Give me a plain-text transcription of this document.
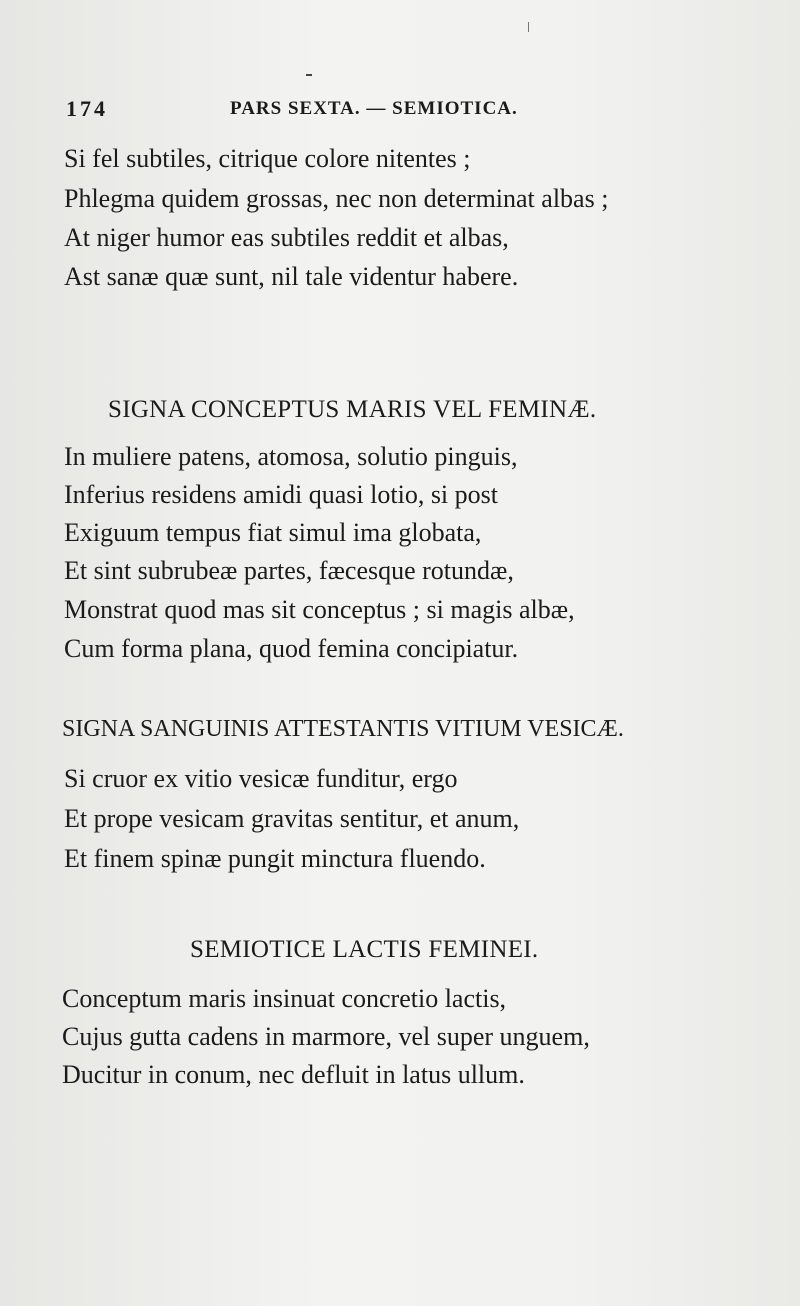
174	PARS SEXTA. — SEMIOTICA.
Si fel subtiles, citrique colore nitentes ;
Phlegma quidem grossas, nec non determinat albas ;
At niger humor eas subtiles reddit et albas,
Ast sanæ quæ sunt, nil tale videntur habere.
SIGNA CONCEPTUS MARIS VEL FEMINÆ.
In muliere patens, atomosa, solutio pinguis,
Inferius residens amidi quasi lotio, si post
Exiguum tempus fiat simul ima globata,
Et sint subrubeæ partes, fæcesque rotundæ,
Monstrat quod mas sit conceptus ; si magis albæ,
Cum forma plana, quod femina concipiatur.
SIGNA SANGUINIS ATTESTANTIS VITIUM VESICÆ.
Si cruor ex vitio vesicæ funditur, ergo
Et prope vesicam gravitas sentitur, et anum,
Et finem spinæ pungit minctura fluendo.
SEMIOTICE LACTIS FEMINEI.
Conceptum maris insinuat concretio lactis,
Cujus gutta cadens in marmore, vel super unguem,
Ducitur in conum, nec defluit in latus ullum.
